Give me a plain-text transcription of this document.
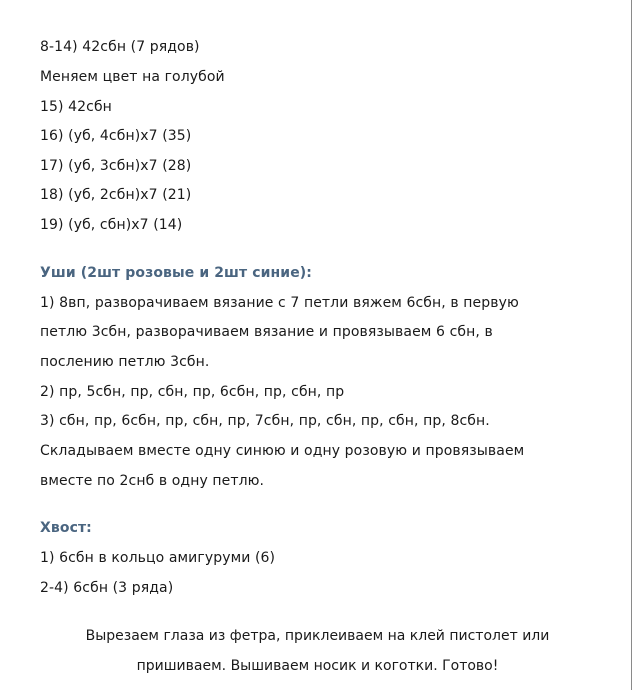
8-14) 42сбн (7 рядов)
Меняем цвет на голубой
15) 42сбн
16) (уб, 4сбн)х7 (35)
17) (уб, 3сбн)х7 (28)
18) (уб, 2сбн)х7 (21)
19) (уб, сбн)х7 (14)
Уши (2шт розовые и 2шт синие):
1) 8вп, разворачиваем вязание с 7 петли вяжем 6сбн, в первую
петлю 3сбн, разворачиваем вязание и провязываем 6 сбн, в
послению петлю 3сбн.
2) пр, 5сбн, пр, сбн, пр, 6сбн, пр, сбн, пр
3) сбн, пр, 6сбн, пр, сбн, пр, 7сбн, пр, сбн, пр, сбн, пр, 8сбн.
Складываем вместе одну синюю и одну розовую и провязываем
вместе по 2снб в одну петлю.
Хвост:
1) 6сбн в кольцо амигуруми (6)
2-4) 6сбн (3 ряда)
Вырезаем глаза из фетра, приклеиваем на клей пистолет или
пришиваем. Вышиваем носик и коготки. Готово!
